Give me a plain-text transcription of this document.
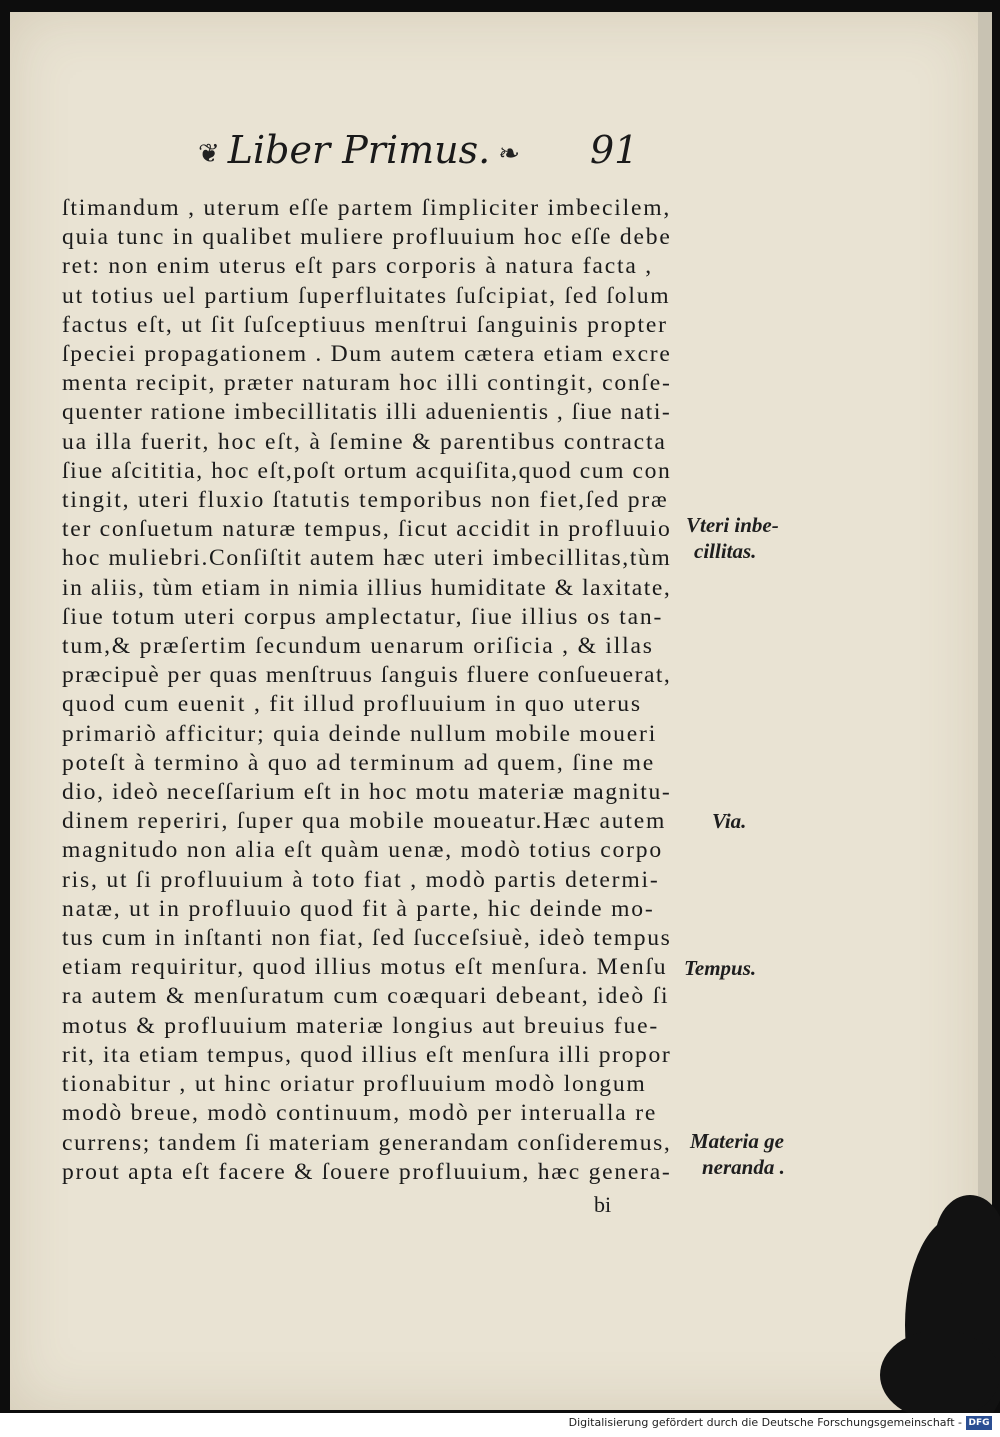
❦ Liber Primus. ❧ 91
ſtimandum , uterum eſſe partem ſimpliciter imbecilem,
quia tunc in qualibet muliere profluuium hoc eſſe debe
ret: non enim uterus eſt pars corporis à natura facta ,
ut totius uel partium ſuperfluitates ſuſcipiat, ſed ſolum
factus eſt, ut ſit ſuſceptiuus menſtrui ſanguinis propter
ſpeciei propagationem . Dum autem cætera etiam excre
menta recipit, præter naturam hoc illi contingit, conſe-
quenter ratione imbecillitatis illi aduenientis , ſiue nati-
ua illa fuerit, hoc eſt, à ſemine & parentibus contracta
ſiue aſcititia, hoc eſt,poſt ortum acquiſita,quod cum con
tingit, uteri fluxio ſtatutis temporibus non fiet,ſed præ
ter conſuetum naturæ tempus, ſicut accidit in profluuio
hoc muliebri.Conſiſtit autem hæc uteri imbecillitas,tùm
in aliis, tùm etiam in nimia illius humiditate & laxitate,
ſiue totum uteri corpus amplectatur, ſiue illius os tan-
tum,& præſertim ſecundum uenarum oriſicia , & illas
præcipuè per quas menſtruus ſanguis fluere conſueuerat,
quod cum euenit , fit illud profluuium in quo uterus
primariò afficitur; quia deinde nullum mobile moueri
poteſt à termino à quo ad terminum ad quem, ſine me
dio, ideò neceſſarium eſt in hoc motu materiæ magnitu-
dinem reperiri, ſuper qua mobile moueatur.Hæc autem
magnitudo non alia eſt quàm uenæ, modò totius corpo
ris, ut ſi profluuium à toto fiat , modò partis determi-
natæ, ut in profluuio quod fit à parte, hic deinde mo-
tus cum in inſtanti non fiat, ſed ſucceſsiuè, ideò tempus
etiam requiritur, quod illius motus eſt menſura. Menſu
ra autem & menſuratum cum coæquari debeant, ideò ſi
motus & profluuium materiæ longius aut breuius fue-
rit, ita etiam tempus, quod illius eſt menſura illi propor
tionabitur , ut hinc oriatur profluuium modò longum
modò breue, modò continuum, modò per interualla re
currens; tandem ſi materiam generandam conſideremus,
prout apta eſt facere & ſouere profluuium, hæc genera-
bi
Vteri inbe-
cillitas.
Via.
Tempus.
Materia ge
neranda .
Digitalisierung gefördert durch die Deutsche Forschungsgemeinschaft - DFG
